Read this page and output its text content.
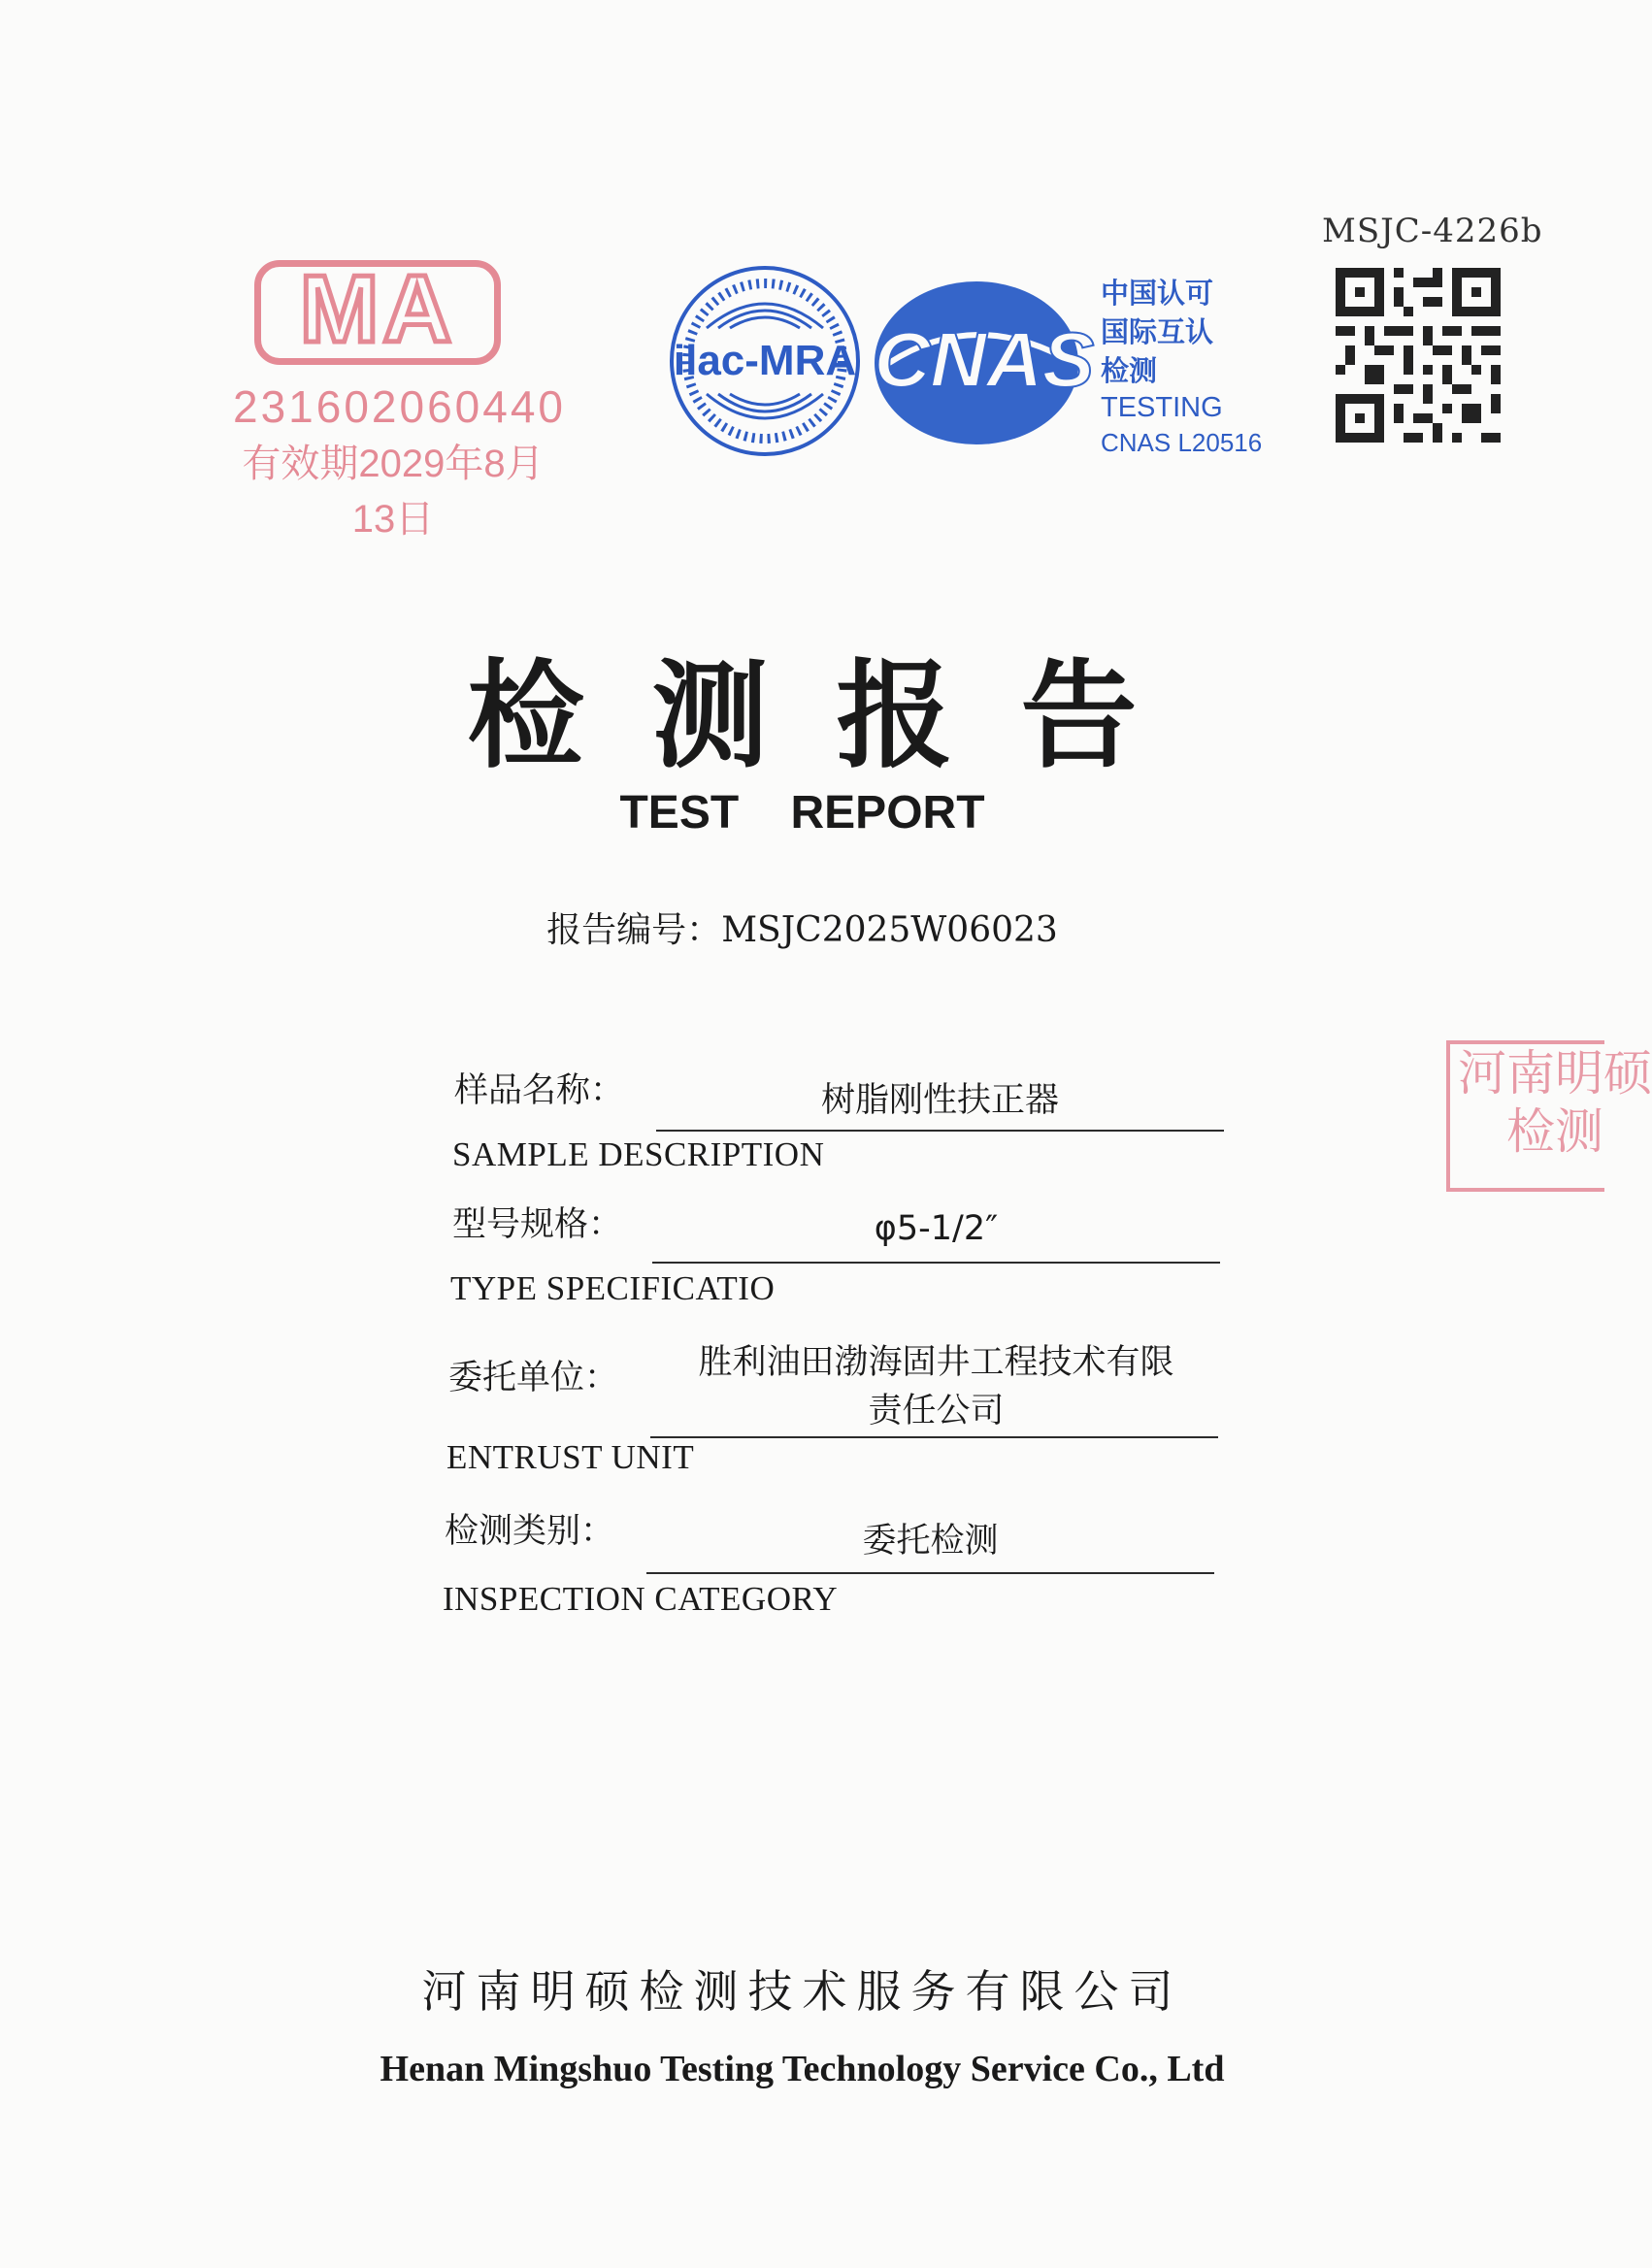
MA
231602060440
有效期2029年8月13日
ilac-MRA CNAS
中国认可
国际互认
检测
TESTING
CNAS L20516
MSJC-4226b
检测报告
TEST REPORT
报告编号：MSJC2025W06023
样品名称：	树脂刚性扶正器
SAMPLE DESCRIPTION
型号规格：	φ5-1/2″
TYPE SPECIFICATIO
委托单位：	胜利油田渤海固井工程技术有限
责任公司
ENTRUST UNIT
检测类别：	委托检测
INSPECTION CATEGORY
河南明硕
检测
河南明硕检测技术服务有限公司
Henan Mingshuo Testing Technology Service Co., Ltd
